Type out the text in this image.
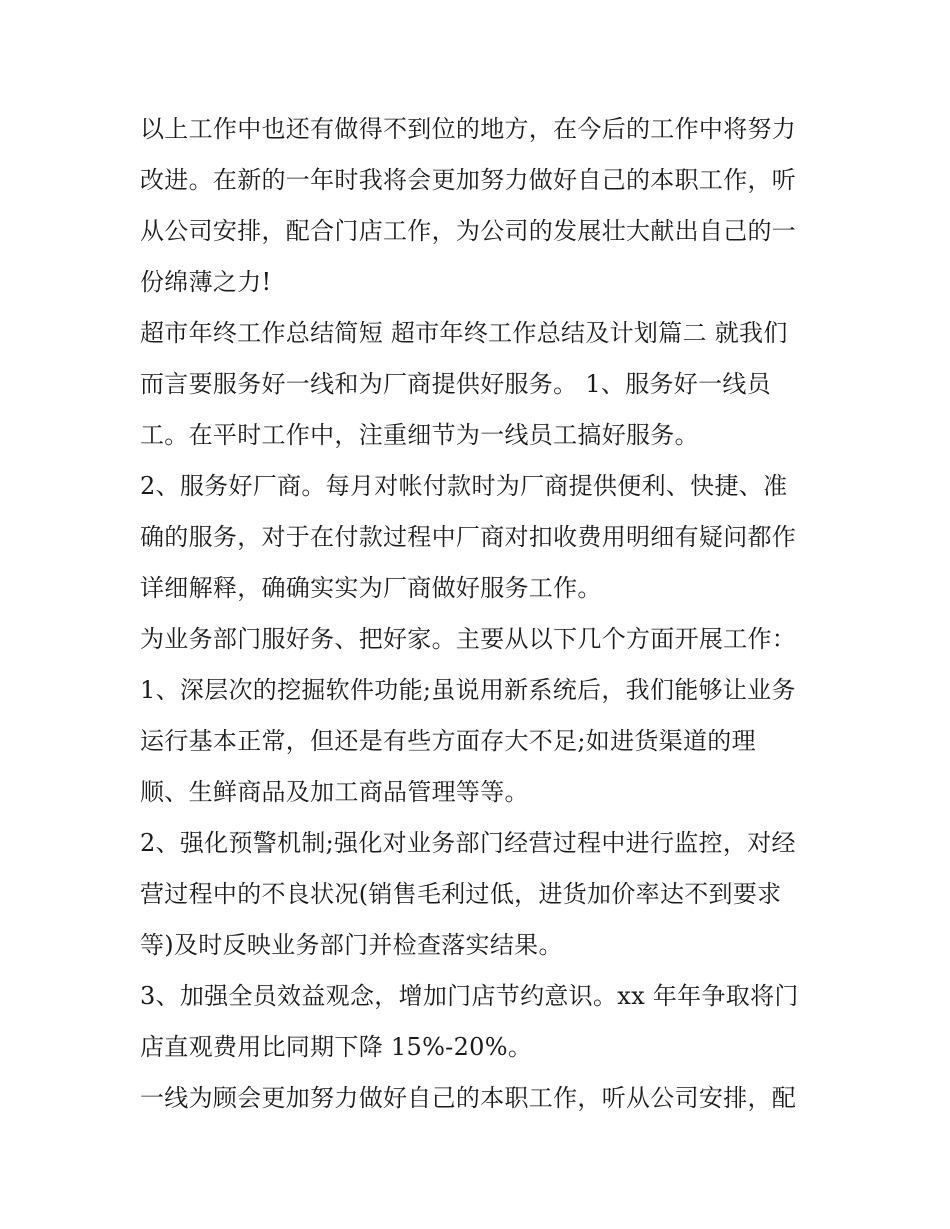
以上工作中也还有做得不到位的地方，在今后的工作中将努力
改进。在新的一年时我将会更加努力做好自己的本职工作，听
从公司安排，配合门店工作，为公司的发展壮大献出自己的一
份绵薄之力!
超市年终工作总结简短 超市年终工作总结及计划篇二 就我们
而言要服务好一线和为厂商提供好服务。 1、服务好一线员
工。在平时工作中，注重细节为一线员工搞好服务。
2、服务好厂商。每月对帐付款时为厂商提供便利、快捷、准
确的服务，对于在付款过程中厂商对扣收费用明细有疑问都作
详细解释，确确实实为厂商做好服务工作。
为业务部门服好务、把好家。主要从以下几个方面开展工作：
1、深层次的挖掘软件功能;虽说用新系统后，我们能够让业务
运行基本正常，但还是有些方面存大不足;如进货渠道的理
顺、生鲜商品及加工商品管理等等。
2、强化预警机制;强化对业务部门经营过程中进行监控，对经
营过程中的不良状况(销售毛利过低，进货加价率达不到要求
等)及时反映业务部门并检查落实结果。
3、加强全员效益观念，增加门店节约意识。xx 年年争取将门
店直观费用比同期下降 15%-20%。
一线为顾会更加努力做好自己的本职工作，听从公司安排，配
